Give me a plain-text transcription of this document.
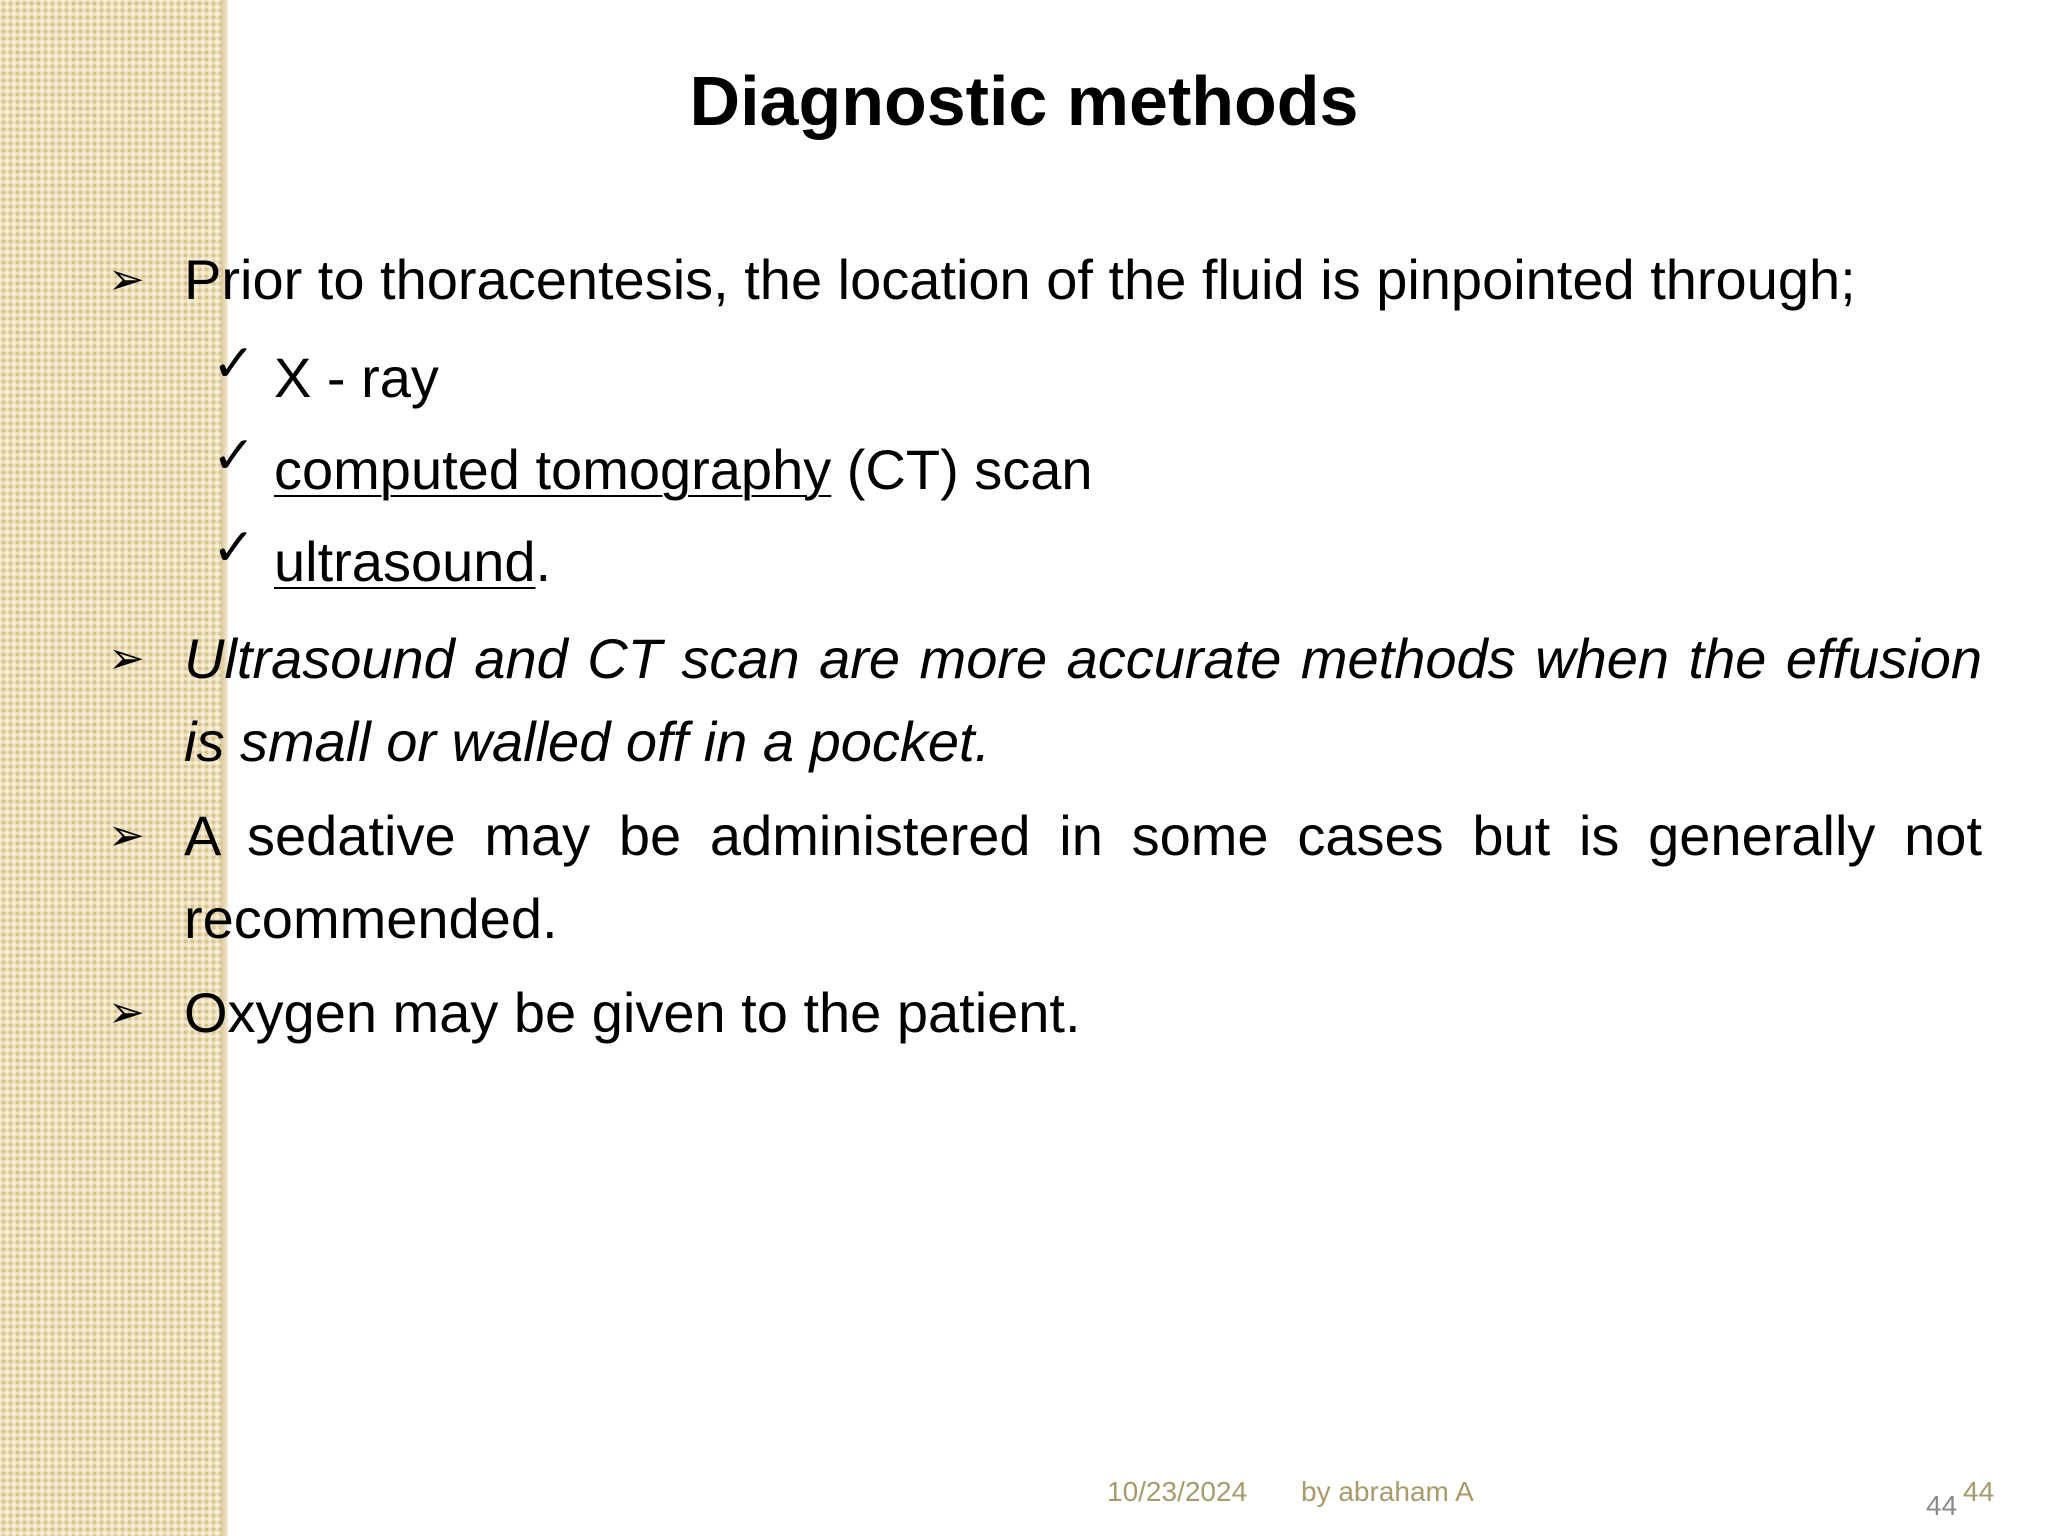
Diagnostic methods
➢ Prior to thoracentesis, the location of the fluid is pinpointed through;
✓ X - ray
✓ computed tomography (CT) scan
✓ ultrasound.
➢ Ultrasound and CT scan are more accurate methods when the effusion is small or walled off in a pocket.
➢ A sedative may be administered in some cases but is generally not recommended.
➢ Oxygen may be given to the patient.
10/23/2024 by abraham A	44 44
